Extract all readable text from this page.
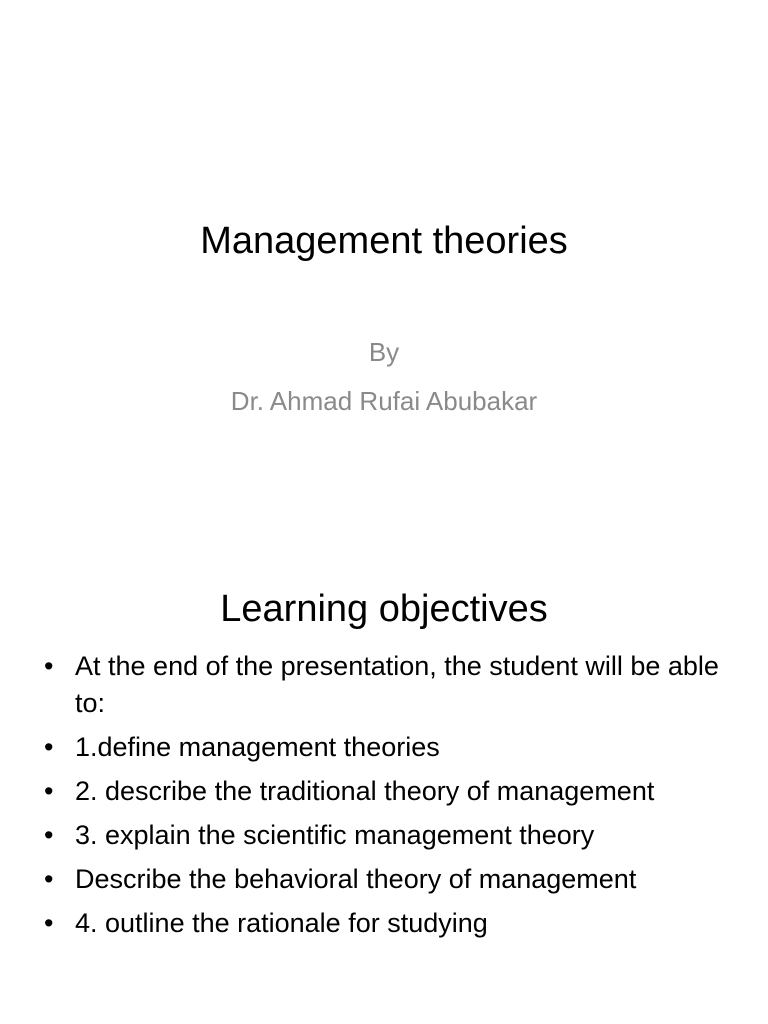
Management theories

By

Dr. Ahmad Rufai Abubakar

Learning objectives
• At the end of the presentation, the student will be able to:
• 1.define management theories
• 2. describe the traditional theory of management
• 3. explain the scientific management theory
• Describe the behavioral theory of management
• 4. outline the rationale for studying
